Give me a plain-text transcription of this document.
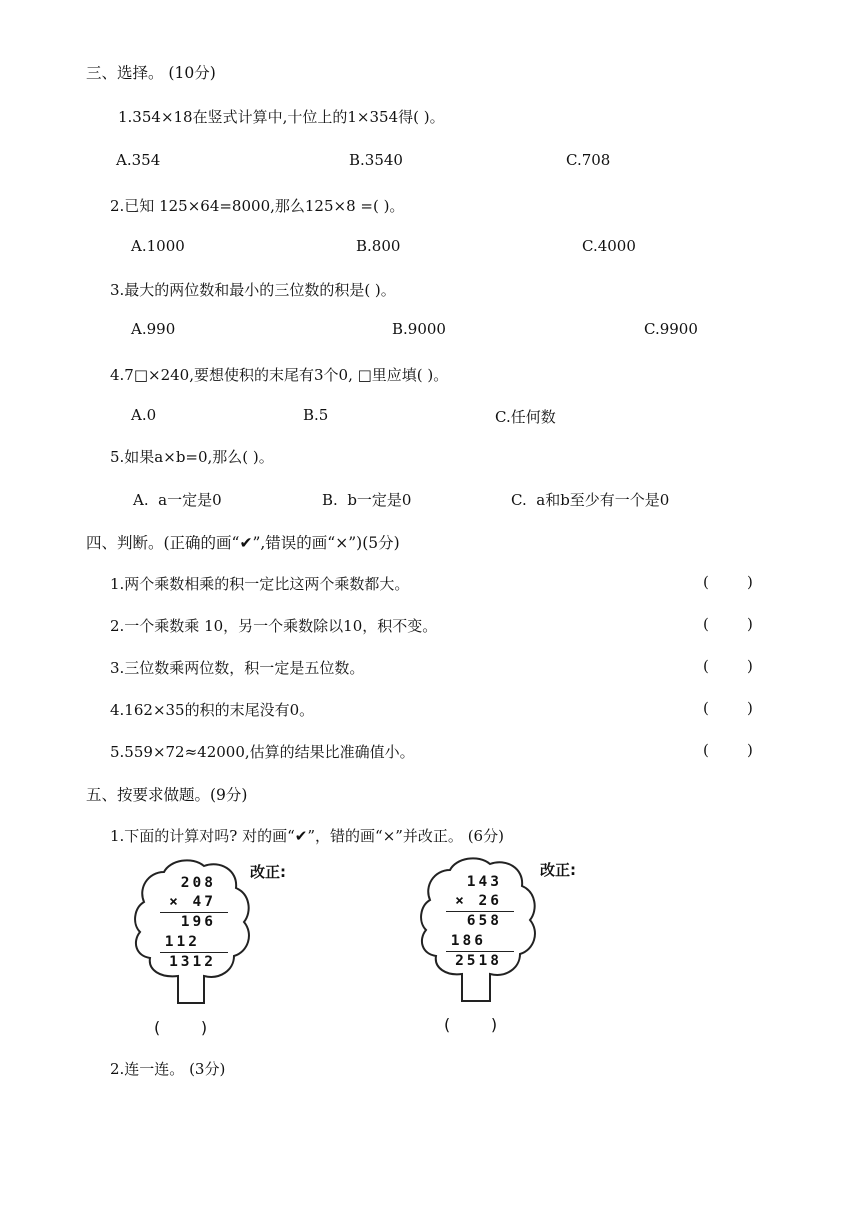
三、选择。 (10分)
1.354×18在竖式计算中,十位上的1×354得( )。
A.354	B.3540	C.708
2.已知 125×64=8000,那么125×8 =( )。
A.1000	B.800	C.4000
3.最大的两位数和最小的三位数的积是( )。
A.990	B.9000	C.9900
4.7□×240,要想使积的末尾有3个0, □里应填( )。
A.0	B.5	C.任何数
5.如果a×b=0,那么( )。
A.  a一定是0	B.  b一定是0	C.  a和b至少有一个是0
四、判断。(正确的画“✔”,错误的画“×”)(5分)
1.两个乘数相乘的积一定比这两个乘数都大。	(        )
2.一个乘数乘 10，另一个乘数除以10，积不变。	(        )
3.三位数乘两位数，积一定是五位数。	(        )
4.162×35的积的末尾没有0。	(        )
5.559×72≈42000,估算的结果比准确值小。	(        )
五、按要求做题。(9分)
1.下面的计算对吗? 对的画“✔”，错的画“×”并改正。 (6分)
208
× 47
196
112
1312
改正:
(        )
143
× 26
658
186
2518
改正:
(        )
2.连一连。 (3分)
